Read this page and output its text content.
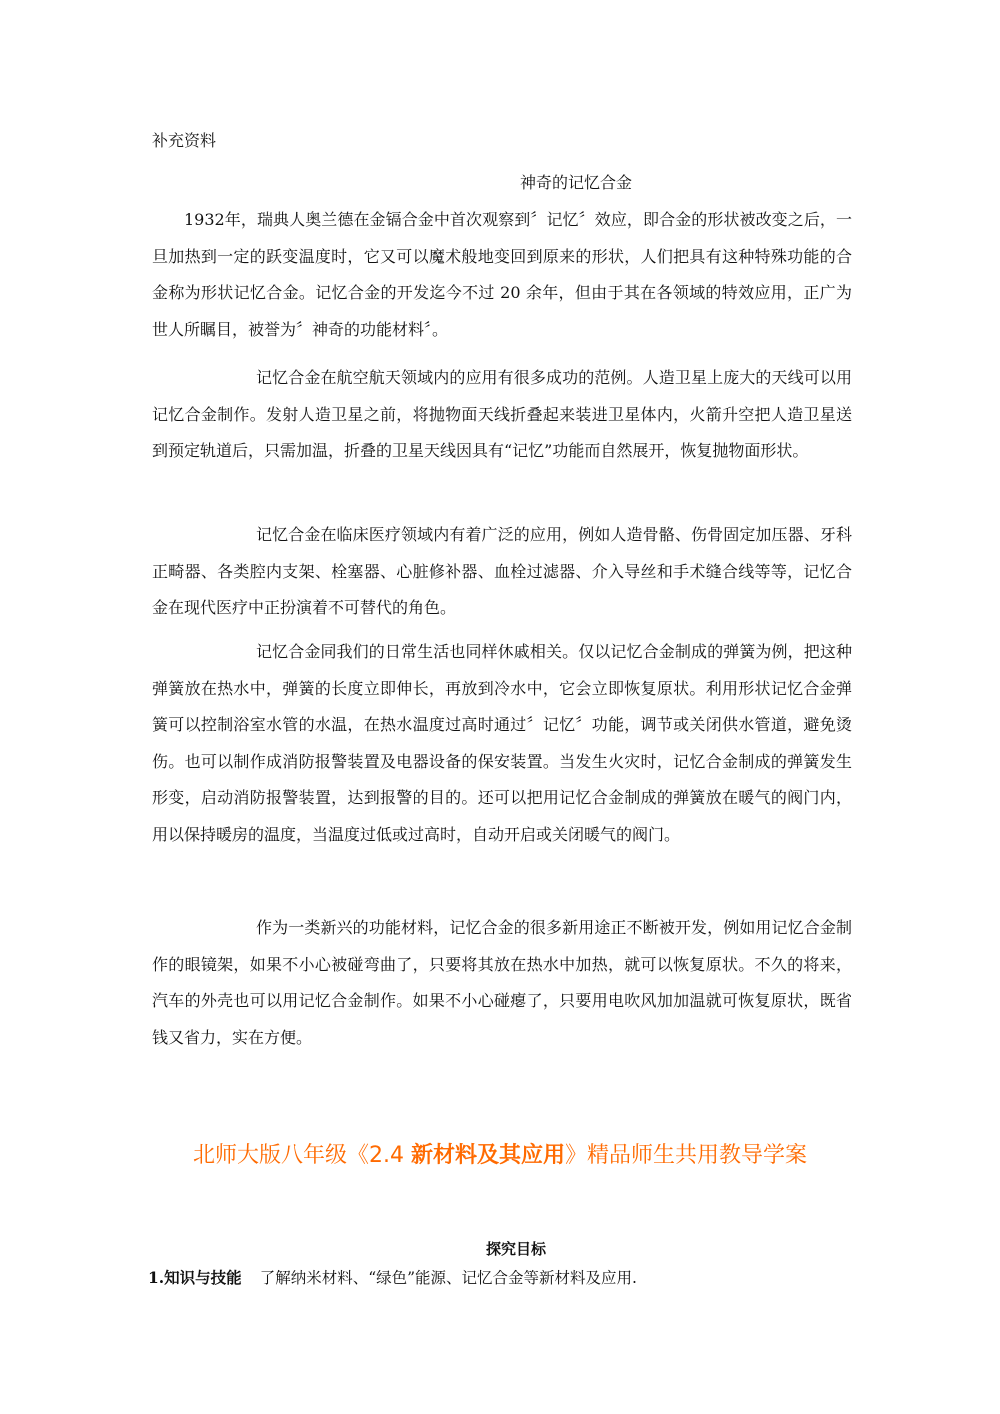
补充资料
神奇的记忆合金

1932年，瑞典人奥兰德在金镉合金中首次观察到〞记忆〞效应，即合金的形状被改变之后，一旦加热到一定的跃变温度时，它又可以魔术般地变回到原来的形状，人们把具有这种特殊功能的合金称为形状记忆合金。记忆合金的开发迄今不过 20 余年，但由于其在各领域的特效应用，正广为世人所瞩目，被誉为〞神奇的功能材料〞。

记忆合金在航空航天领域内的应用有很多成功的范例。人造卫星上庞大的天线可以用记忆合金制作。发射人造卫星之前，将抛物面天线折叠起来装进卫星体内，火箭升空把人造卫星送到预定轨道后，只需加温，折叠的卫星天线因具有“记忆”功能而自然展开，恢复抛物面形状。

记忆合金在临床医疗领域内有着广泛的应用，例如人造骨骼、伤骨固定加压器、牙科正畸器、各类腔内支架、栓塞器、心脏修补器、血栓过滤器、介入导丝和手术缝合线等等，记忆合金在现代医疗中正扮演着不可替代的角色。

记忆合金同我们的日常生活也同样休戚相关。仅以记忆合金制成的弹簧为例，把这种弹簧放在热水中，弹簧的长度立即伸长，再放到冷水中，它会立即恢复原状。利用形状记忆合金弹簧可以控制浴室水管的水温，在热水温度过高时通过〞记忆〞功能，调节或关闭供水管道，避免烫伤。也可以制作成消防报警装置及电器设备的保安装置。当发生火灾时，记忆合金制成的弹簧发生形变，启动消防报警装置，达到报警的目的。还可以把用记忆合金制成的弹簧放在暖气的阀门内，用以保持暖房的温度，当温度过低或过高时，自动开启或关闭暖气的阀门。

作为一类新兴的功能材料，记忆合金的很多新用途正不断被开发，例如用记忆合金制作的眼镜架，如果不小心被碰弯曲了，只要将其放在热水中加热，就可以恢复原状。不久的将来，汽车的外壳也可以用记忆合金制作。如果不小心碰瘪了，只要用电吹风加加温就可恢复原状，既省钱又省力，实在方便。

北师大版八年级《2.4 新材料及其应用》精品师生共用教导学案
探究目标
1.知识与技能 了解纳米材料、“绿色”能源、记忆合金等新材料及应用.
